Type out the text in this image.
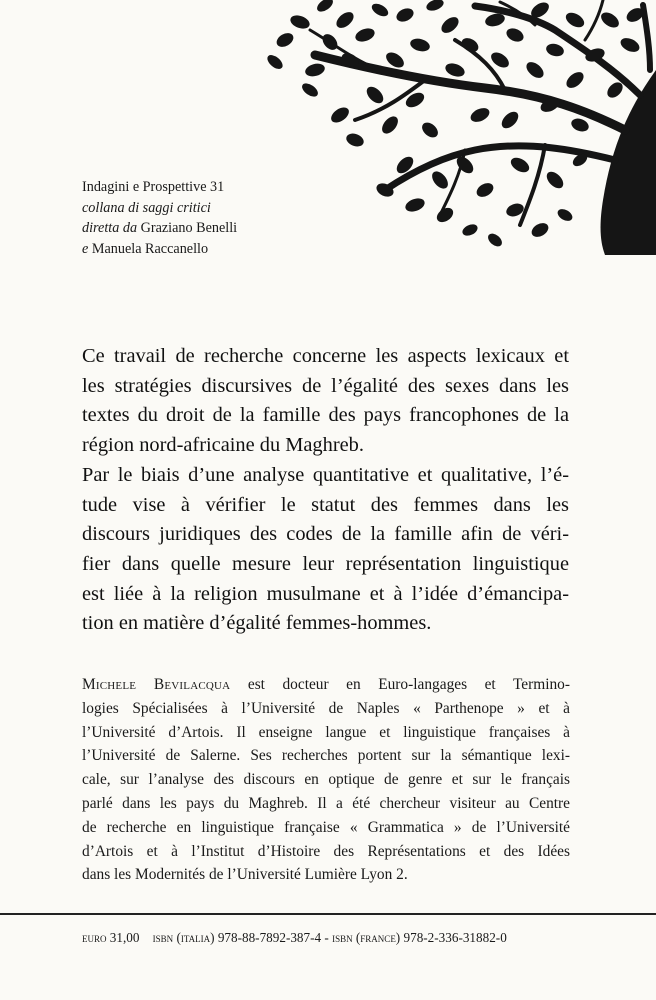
Indagini e Prospettive 31
collana di saggi critici
diretta da Graziano Benelli
e Manuela Raccanello
Ce travail de recherche concerne les aspects lexicaux et
les stratégies discursives de l’égalité des sexes dans les
textes du droit de la famille des pays francophones de la
région nord-africaine du Maghreb.
Par le biais d’une analyse quantitative et qualitative, l’é-
tude vise à vérifier le statut des femmes dans les
discours juridiques des codes de la famille afin de véri-
fier dans quelle mesure leur représentation linguistique
est liée à la religion musulmane et à l’idée d’émancipa-
tion en matière d’égalité femmes-hommes.
Michele Bevilacqua est docteur en Euro-langages et Termino-
logies Spécialisées à l’Université de Naples « Parthenope » et à
l’Université d’Artois. Il enseigne langue et linguistique françaises à
l’Université de Salerne. Ses recherches portent sur la sémantique lexi-
cale, sur l’analyse des discours en optique de genre et sur le français
parlé dans les pays du Maghreb. Il a été chercheur visiteur au Centre
de recherche en linguistique française « Grammatica » de l’Université
d’Artois et à l’Institut d’Histoire des Représentations et des Idées
dans les Modernités de l’Université Lumière Lyon 2.
euro 31,00 isbn (italia) 978-88-7892-387-4 - isbn (france) 978-2-336-31882-0
